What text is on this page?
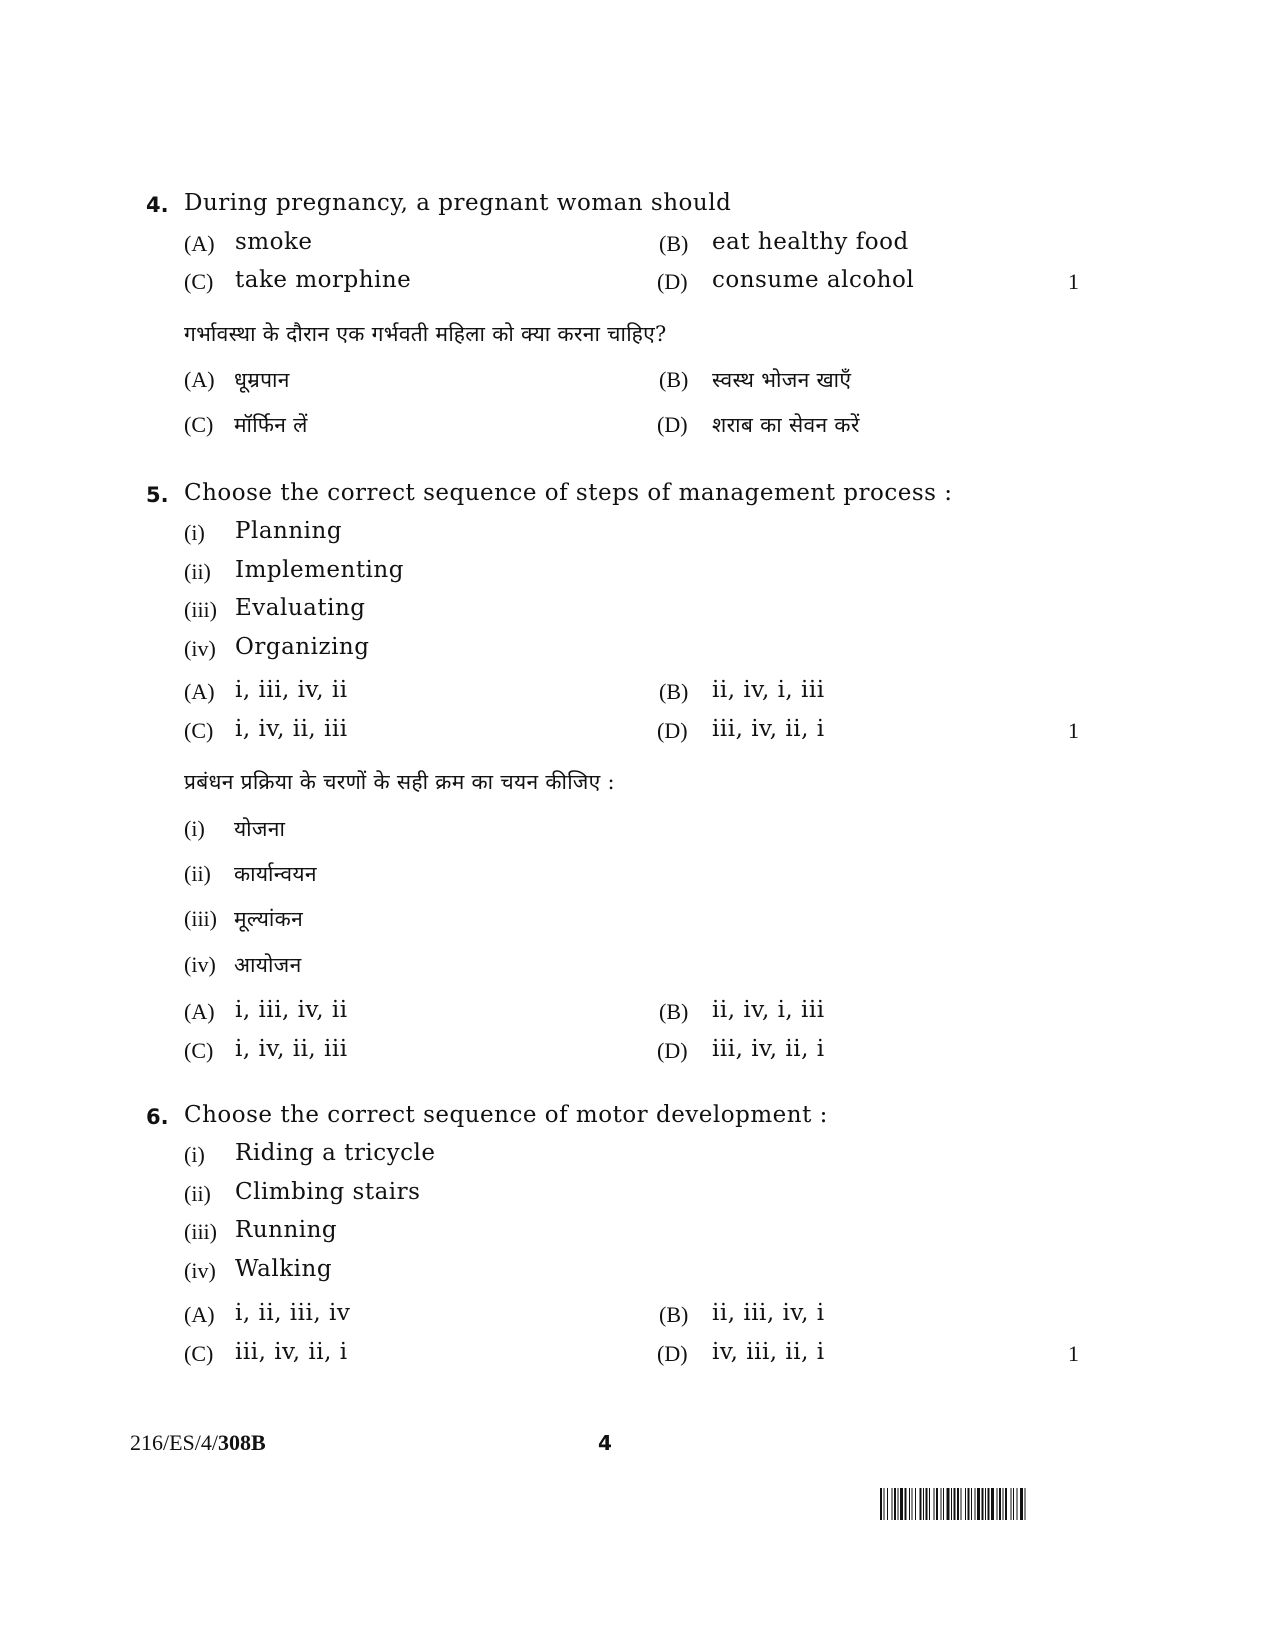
4. During pregnancy, a pregnant woman should
(A) smoke	(B) eat healthy food
(C) take morphine	(D) consume alcohol	1
गर्भावस्था के दौरान एक गर्भवती महिला को क्या करना चाहिए?
(A) धूम्रपान	(B) स्वस्थ भोजन खाएँ
(C) मॉर्फिन लें	(D) शराब का सेवन करें
5. Choose the correct sequence of steps of management process :
(i) Planning
(ii) Implementing
(iii) Evaluating
(iv) Organizing
(A) i, iii, iv, ii	(B) ii, iv, i, iii
(C) i, iv, ii, iii	(D) iii, iv, ii, i	1
प्रबंधन प्रक्रिया के चरणों के सही क्रम का चयन कीजिए :
(i) योजना
(ii) कार्यान्वयन
(iii) मूल्यांकन
(iv) आयोजन
(A) i, iii, iv, ii	(B) ii, iv, i, iii
(C) i, iv, ii, iii	(D) iii, iv, ii, i
6. Choose the correct sequence of motor development :
(i) Riding a tricycle
(ii) Climbing stairs
(iii) Running
(iv) Walking
(A) i, ii, iii, iv	(B) ii, iii, iv, i
(C) iii, iv, ii, i	(D) iv, iii, ii, i	1
216/ES/4/308B	4
